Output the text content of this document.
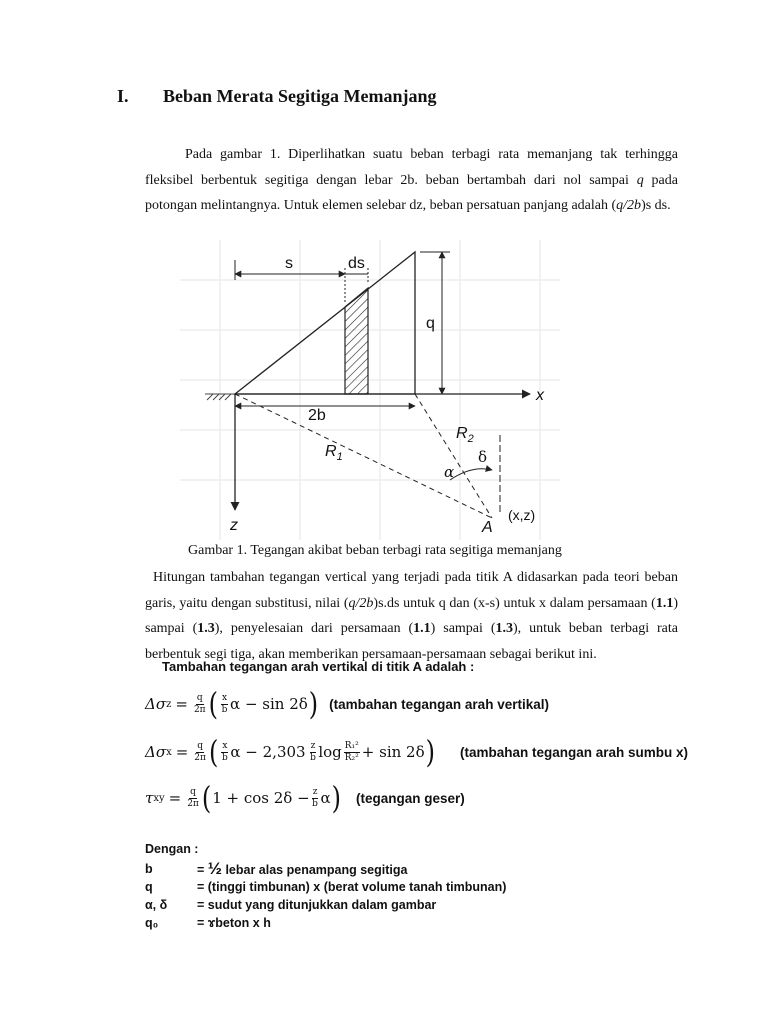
I. Beban Merata Segitiga Memanjang
Pada gambar 1. Diperlihatkan suatu beban terbagi rata memanjang tak terhingga fleksibel berbentuk segitiga dengan lebar 2b. beban bertambah dari nol sampai q pada potongan melintangnya. Untuk elemen selebar dz, beban persatuan panjang adalah (q/2b)s ds.
s	ds
q
x
2b
$R_1$
$R_2$
α
δ
z	A
(x,z)
Gambar 1. Tegangan akibat beban terbagi rata segitiga memanjang
Hitungan tambahan tegangan vertical yang terjadi pada titik A didasarkan pada teori beban garis, yaitu dengan substitusi, nilai (q/2b)s.ds untuk q dan (x-s) untuk x dalam persamaan (1.1) sampai (1.3), penyelesaian dari persamaan (1.1) sampai (1.3), untuk beban terbagi rata berbentuk segi tiga, akan memberikan persamaan-persamaan sebagai berikut ini.
Tambahan tegangan arah vertikal di titik A adalah :
Δσ $z = \frac{q}{2\pi}$ ( $\frac{x}{b}$ α − sin 2δ ) (tambahan tegangan arah vertikal)
Δσ $x = \frac{q}{2\pi}$ ( $\frac{x}{b}$ $\alpha - 2,303 \frac{z}{b}$ $\log \frac{\text{R₁²}}{\text{R₂²}} + \sin 2\delta$ ) (tambahan tegangan arah sumbu x)
τ xy = $\frac{q}{2\pi}$ ( $1 + \cos 2\delta - \frac{z}{b}$ α ) (tegangan geser)
Dengan :
b	= ½ lebar alas penampang segitiga
q	= (tinggi timbunan) x (berat volume tanah timbunan)
α, δ	= sudut yang ditunjukkan dalam gambar
q₀	= ɤbeton x h
